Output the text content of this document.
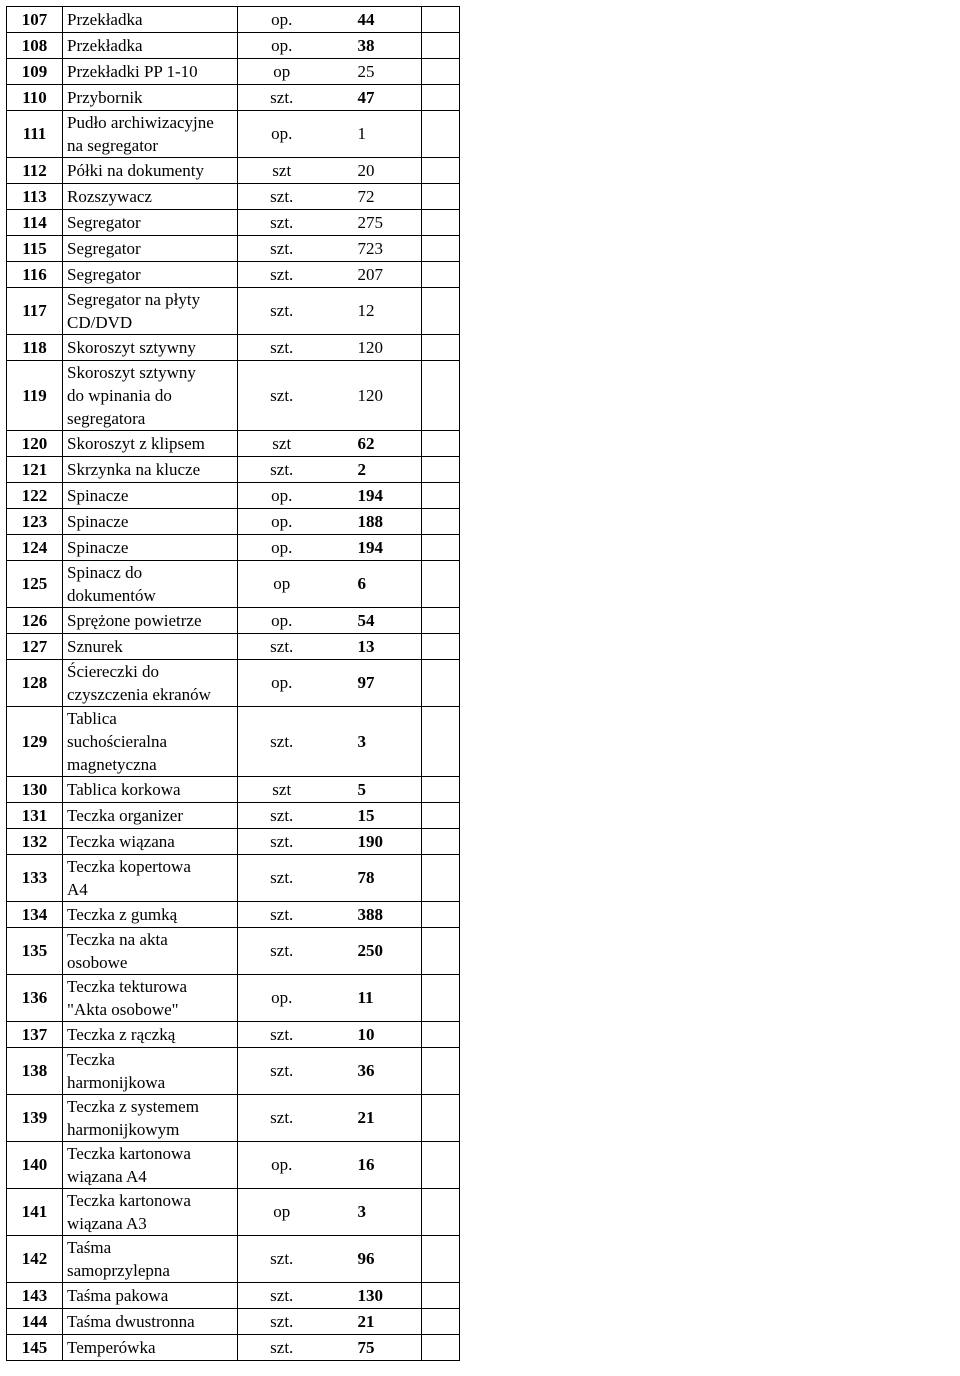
107	Przekładka	op.	44	
108	Przekładka	op.	38	
109	Przekładki PP 1-10	op	25	
110	Przybornik	szt.	47	
111	Pudło archiwizacyjne
na segregator	op.	1	
112	Półki na dokumenty	szt	20	
113	Rozszywacz	szt.	72	
114	Segregator	szt.	275	
115	Segregator	szt.	723	
116	Segregator	szt.	207	
117	Segregator na płyty
CD/DVD	szt.	12	
118	Skoroszyt sztywny	szt.	120	
119	Skoroszyt sztywny
do wpinania do
segregatora	szt.	120	
120	Skoroszyt z klipsem	szt	62	
121	Skrzynka na klucze	szt.	2	
122	Spinacze	op.	194	
123	Spinacze	op.	188	
124	Spinacze	op.	194	
125	Spinacz do
dokumentów	op	6	
126	Sprężone powietrze	op.	54	
127	Sznurek	szt.	13	
128	Ściereczki do
czyszczenia ekranów	op.	97	
129	Tablica
suchościeralna
magnetyczna	szt.	3	
130	Tablica korkowa	szt	5	
131	Teczka organizer	szt.	15	
132	Teczka wiązana	szt.	190	
133	Teczka kopertowa
A4	szt.	78	
134	Teczka z gumką	szt.	388	
135	Teczka na akta
osobowe	szt.	250	
136	Teczka tekturowa
"Akta osobowe"	op.	11	
137	Teczka z rączką	szt.	10	
138	Teczka
harmonijkowa	szt.	36	
139	Teczka z systemem
harmonijkowym	szt.	21	
140	Teczka kartonowa
wiązana A4	op.	16	
141	Teczka kartonowa
wiązana A3	op	3	
142	Taśma
samoprzylepna	szt.	96	
143	Taśma pakowa	szt.	130	
144	Taśma dwustronna	szt.	21	
145	Temperówka	szt.	75	
